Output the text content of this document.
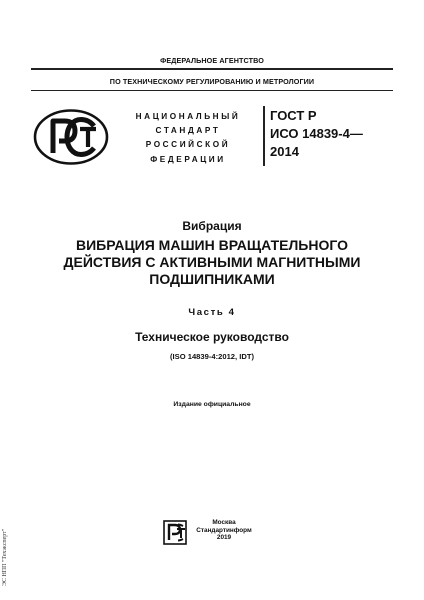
ФЕДЕРАЛЬНОЕ АГЕНТСТВО
ПО ТЕХНИЧЕСКОМУ РЕГУЛИРОВАНИЮ И МЕТРОЛОГИИ
НАЦИОНАЛЬНЫЙ
СТАНДАРТ
РОССИЙСКОЙ
ФЕДЕРАЦИИ
ГОСТ Р
ИСО 14839-4—
2014
Вибрация
ВИБРАЦИЯ МАШИН ВРАЩАТЕЛЬНОГО
ДЕЙСТВИЯ С АКТИВНЫМИ МАГНИТНЫМИ
ПОДШИПНИКАМИ
Часть 4
Техническое руководство
(ISO 14839-4:2012, IDT)
Издание официальное
Москва
Стандартинформ
2019
ЭС НПП "Техэксперт"
